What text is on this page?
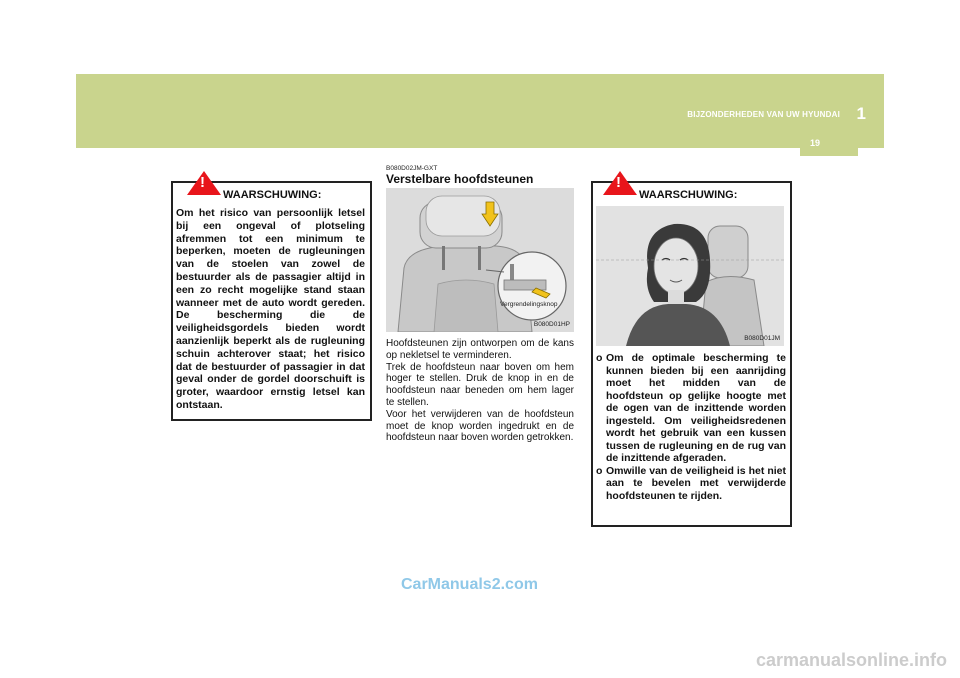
BIJZONDERHEDEN VAN UW HYUNDAI 1
19
!
WAARSCHUWING:

Om het risico van persoonlijk letsel bij een ongeval of plotseling afremmen tot een minimum te beperken, moeten de rugleuningen van de stoelen van zowel de bestuurder als de passagier altijd in een zo recht mogelijke stand staan wanneer met de auto wordt gereden. De bescherming die de veiligheidsgordels bieden wordt aanzienlijk beperkt als de rugleuning schuin achterover staat; het risico dat de bestuurder of passagier in dat geval onder de gordel doorschuift is groter, waardoor ernstig letsel kan ontstaan.

B080D02JM-GXT
Verstelbare hoofdsteunen
B080D01HP
Vergrendelingsknop
Hoofdsteunen zijn ontworpen om de kans op nekletsel te verminderen.
Trek de hoofdsteun naar boven om hem hoger te stellen. Druk de knop in en de hoofdsteun naar beneden om hem lager te stellen.
Voor het verwijderen van de hoofdsteun moet de knop worden ingedrukt en de hoofdsteun naar boven worden getrokken.
!
WAARSCHUWING:
B080D01JM
o Om de optimale bescherming te kunnen bieden bij een aanrijding moet het midden van de hoofdsteun op gelijke hoogte met de ogen van de inzittende worden ingesteld. Om veiligheidsredenen wordt het gebruik van een kussen tussen de rugleuning en de rug van de inzittende afgeraden.
o Omwille van de veiligheid is het niet aan te bevelen met verwijderde hoofdsteunen te rijden.
CarManuals2.com
carmanualsonline.info
